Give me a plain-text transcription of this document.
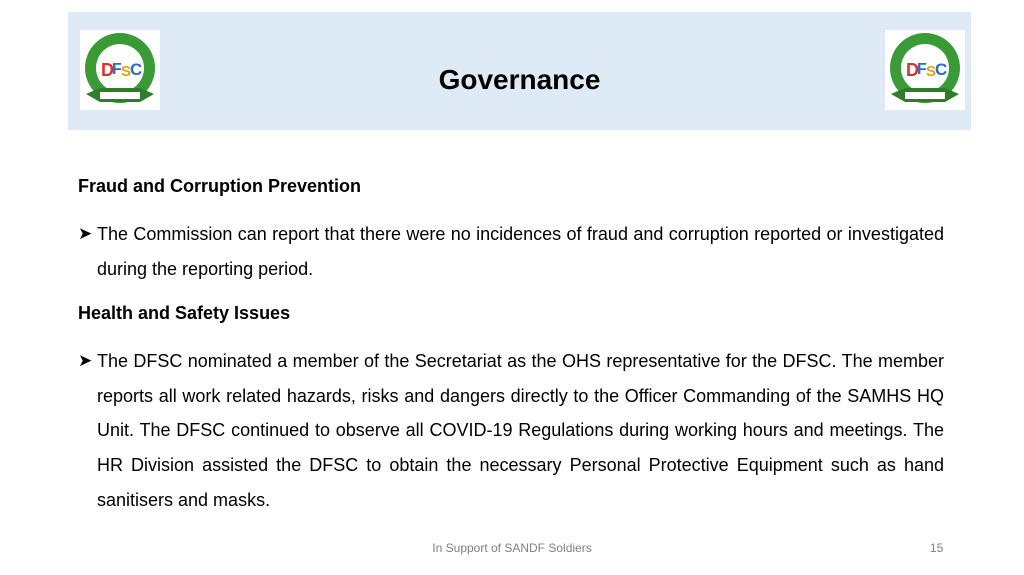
D
F S
C	Governance	D
F S
C

Fraud and Corruption Prevention

➤ The Commission can report that there were no incidences of fraud and corruption reported or investigated during the reporting period.

Health and Safety Issues

➤ The DFSC nominated a member of the Secretariat as the OHS representative for the DFSC. The member reports all work related hazards, risks and dangers directly to the Officer Commanding of the SAMHS HQ Unit. The DFSC continued to observe all COVID-19 Regulations during working hours and meetings. The HR Division assisted the DFSC to obtain the necessary Personal Protective Equipment such as hand sanitisers and masks.
In Support of SANDF Soldiers	15
